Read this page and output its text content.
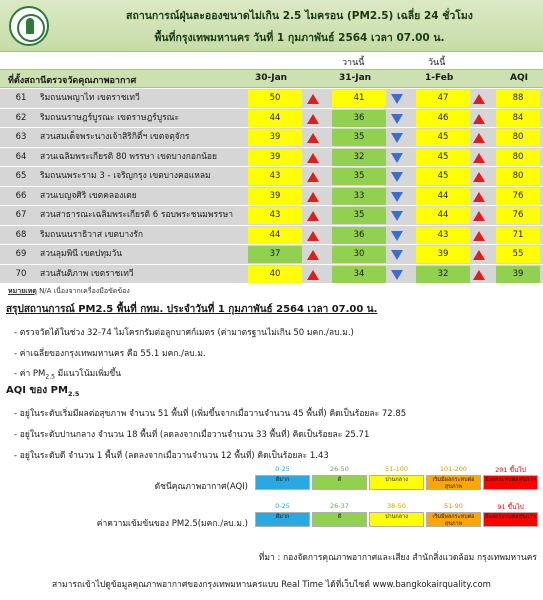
สถานการณ์ฝุ่นละอองขนาดไม่เกิน 2.5 ไมครอน (PM2.5) เฉลี่ย 24 ชั่วโมง
พื้นที่กรุงเทพมหานคร วันที่ 1 กุมภาพันธ์ 2564 เวลา 07.00 น.
วานนี้	วันนี้
ที่ตั้งสถานีตรวจวัดคุณภาพอากาศ	30-Jan	31-Jan	1-Feb	AQI
61	ริมถนนพญาไท เขตราชเทวี	50	41	47	88
62	ริมถนนราษฎร์บูรณะ เขตราษฎร์บูรณะ	44	36	46	84
63	สวนสมเด็จพระนางเจ้าสิริกิติ์ฯ เขตจตุจักร	39	35	45	80
64	สวนเฉลิมพระเกียรติ 80 พรรษา เขตบางกอกน้อย	39	32	45	80
65	ริมถนนพระราม 3 - เจริญกรุง เขตบางคอแหลม	43	35	45	80
66	สวนเบญจศิริ เขตคลองเตย	39	33	44	76
67	สวนสาธารณะเฉลิมพระเกียรติ 6 รอบพระชนมพรรษา	43	35	44	76
68	ริมถนนนราธิวาส เขตบางรัก	44	36	43	71
69	สวนลุมพินี เขตปทุมวัน	37	30	39	55
70	สวนสันติภาพ เขตราชเทวี	40	34	32	39
หมายเหตุ N/A เนื่องจากเครื่องมือขัดข้อง
สรุปสถานการณ์ PM2.5 พื้นที่ กทม. ประจำวันที่ 1 กุมภาพันธ์ 2564 เวลา 07.00 น.
- ตรวจวัดได้ในช่วง 32-74 ไมโครกรัมต่อลูกบาศก์เมตร (ค่ามาตรฐานไม่เกิน 50 มคก./ลบ.ม.)
- ค่าเฉลี่ยของกรุงเทพมหานคร คือ 55.1 มคก./ลบ.ม.
- ค่า $PM_{2.5}$ มีแนวโน้มเพิ่มขึ้น
AQI ของ $PM_{2.5}$
- อยู่ในระดับเริ่มมีผลต่อสุขภาพ จำนวน 51 พื้นที่ (เพิ่มขึ้นจากเมื่อวานจำนวน 45 พื้นที่) คิดเป็นร้อยละ 72.85
- อยู่ในระดับปานกลาง จำนวน 18 พื้นที่ (ลดลงจากเมื่อวานจำนวน 33 พื้นที่) คิดเป็นร้อยละ 25.71
- อยู่ในระดับดี จำนวน 1 พื้นที่ (ลดลงจากเมื่อวานจำนวน 12 พื้นที่) คิดเป็นร้อยละ 1.43
ดัชนีคุณภาพอากาศ(AQI)
0-25
ดีมาก
26-50
ดี
51-100
ปานกลาง
101-200
เริ่มมีผลกระทบต่อสุขภาพ
201 ขึ้นไป
มีผลกระทบต่อสุขภาพ
ค่าความเข้มข้นของ PM2.5(มคก./ลบ.ม.)
0-25
ดีมาก
26-37
ดี
38-50
ปานกลาง
51-90
เริ่มมีผลกระทบต่อสุขภาพ
91 ขึ้นไป
มีผลกระทบต่อสุขภาพ
ที่มา : กองจัดการคุณภาพอากาศและเสียง สำนักสิ่งแวดล้อม กรุงเทพมหานคร
สามารถเข้าไปดูข้อมูลคุณภาพอากาศของกรุงเทพมหานครแบบ Real Time ได้ที่เว็บไซต์ www.bangkokairquality.com
